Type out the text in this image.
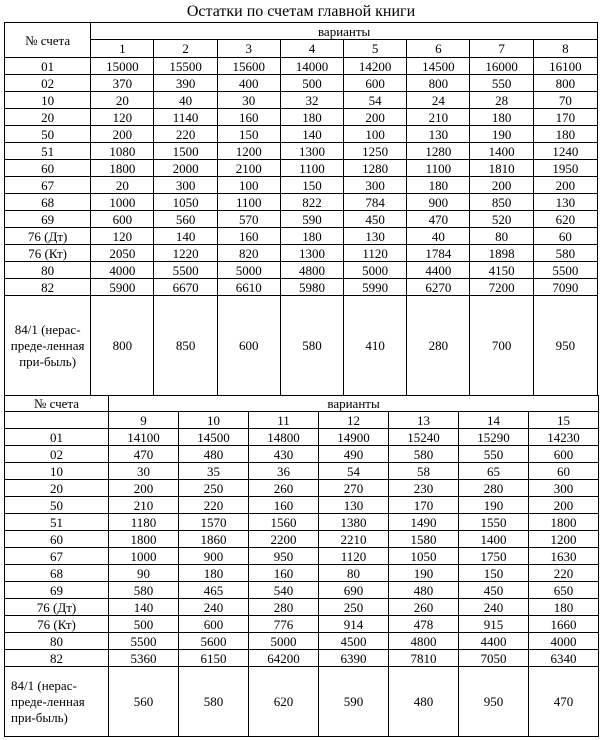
Остатки по счетам главной книги
№ счета	варианты							
	1	2	3	4	5	6	7	8
01	15000	15500	15600	14000	14200	14500	16000	16100
02	370	390	400	500	600	800	550	800
10	20	40	30	32	54	24	28	70
20	120	1140	160	180	200	210	180	170
50	200	220	150	140	100	130	190	180
51	1080	1500	1200	1300	1250	1280	1400	1240
60	1800	2000	2100	1100	1280	1100	1810	1950
67	20	300	100	150	300	180	200	200
68	1000	1050	1100	822	784	900	850	130
69	600	560	570	590	450	470	520	620
76 (Дт)	120	140	160	180	130	40	80	60
76 (Кт)	2050	1220	820	1300	1120	1784	1898	580
80	4000	5500	5000	4800	5000	4400	4150	5500
82	5900	6670	6610	5980	5990	6270	7200	7090
84/1 (нерас-преде-ленная при-быль)	800	850	600	580	410	280	700	950
№ счета	варианты						
	9	10	11	12	13	14	15
01	14100	14500	14800	14900	15240	15290	14230
02	470	480	430	490	580	550	600
10	30	35	36	54	58	65	60
20	200	250	260	270	230	280	300
50	210	220	160	130	170	190	200
51	1180	1570	1560	1380	1490	1550	1800
60	1800	1860	2200	2210	1580	1400	1200
67	1000	900	950	1120	1050	1750	1630
68	90	180	160	80	190	150	220
69	580	465	540	690	480	450	650
76 (Дт)	140	240	280	250	260	240	180
76 (Кт)	500	600	776	914	478	915	1660
80	5500	5600	5000	4500	4800	4400	4000
82	5360	6150	64200	6390	7810	7050	6340
84/1 (нерас-преде-ленная при-быль)	560	580	620	590	480	950	470
